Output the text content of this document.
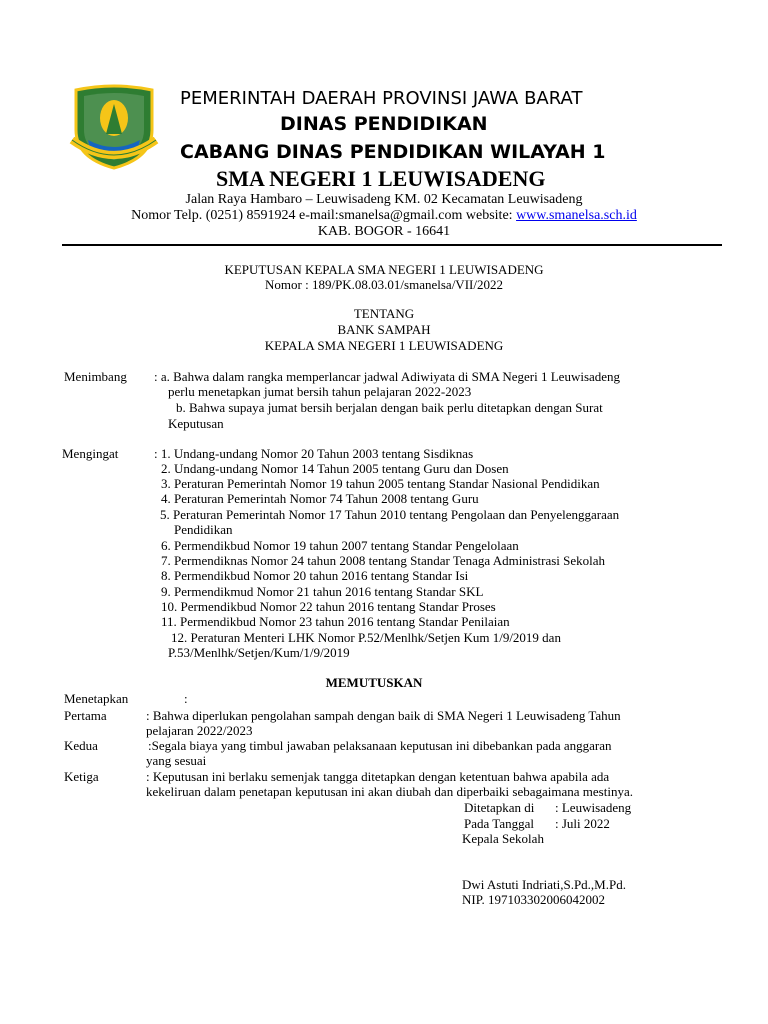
PEMERINTAH DAERAH PROVINSI JAWA BARAT
DINAS PENDIDIKAN
CABANG DINAS PENDIDIKAN WILAYAH 1
SMA NEGERI 1 LEUWISADENG
Jalan Raya Hambaro – Leuwisadeng KM. 02 Kecamatan Leuwisadeng
Nomor Telp. (0251) 8591924 e-mail:smanelsa@gmail.com website: www.smanelsa.sch.id
KAB. BOGOR - 16641
KEPUTUSAN KEPALA SMA NEGERI 1 LEUWISADENG
Nomor : 189/PK.08.03.01/smanelsa/VII/2022
TENTANG
BANK SAMPAH
KEPALA SMA NEGERI 1 LEUWISADENG
Menimbang : a. Bahwa dalam rangka memperlancar jadwal Adiwiyata di SMA Negeri 1 Leuwisadeng
perlu menetapkan jumat bersih tahun pelajaran 2022-2023
b. Bahwa supaya jumat bersih berjalan dengan baik perlu ditetapkan dengan Surat
Keputusan
Mengingat	: 1. Undang-undang Nomor 20 Tahun 2003 tentang Sisdiknas
2. Undang-undang Nomor 14 Tahun 2005 tentang Guru dan Dosen
3. Peraturan Pemerintah Nomor 19 tahun 2005 tentang Standar Nasional Pendidikan
4. Peraturan Pemerintah Nomor 74 Tahun 2008 tentang Guru
5. Peraturan Pemerintah Nomor 17 Tahun 2010 tentang Pengolaan dan Penyelenggaraan
Pendidikan
6. Permendikbud Nomor 19 tahun 2007 tentang Standar Pengelolaan
7. Permendiknas Nomor 24 tahun 2008 tentang Standar Tenaga Administrasi Sekolah
8. Permendikbud Nomor 20 tahun 2016 tentang Standar Isi
9. Permendikmud Nomor 21 tahun 2016 tentang Standar SKL
10. Permendikbud Nomor 22 tahun 2016 tentang Standar Proses
11. Permendikbud Nomor 23 tahun 2016 tentang Standar Penilaian
12. Peraturan Menteri LHK Nomor P.52/Menlhk/Setjen Kum 1/9/2019 dan
P.53/Menlhk/Setjen/Kum/1/9/2019
MEMUTUSKAN
Menetapkan	:
Pertama	: Bahwa diperlukan pengolahan sampah dengan baik di SMA Negeri 1 Leuwisadeng Tahun
pelajaran 2022/2023
Kedua	:Segala biaya yang timbul jawaban pelaksanaan keputusan ini dibebankan pada anggaran
yang sesuai
Ketiga	: Keputusan ini berlaku semenjak tangga ditetapkan dengan ketentuan bahwa apabila ada
kekeliruan dalam penetapan keputusan ini akan diubah dan diperbaiki sebagaimana mestinya.
Ditetapkan di : Leuwisadeng
Pada Tanggal : Juli 2022
Kepala Sekolah
Dwi Astuti Indriati,S.Pd.,M.Pd.
NIP. 197103302006042002
